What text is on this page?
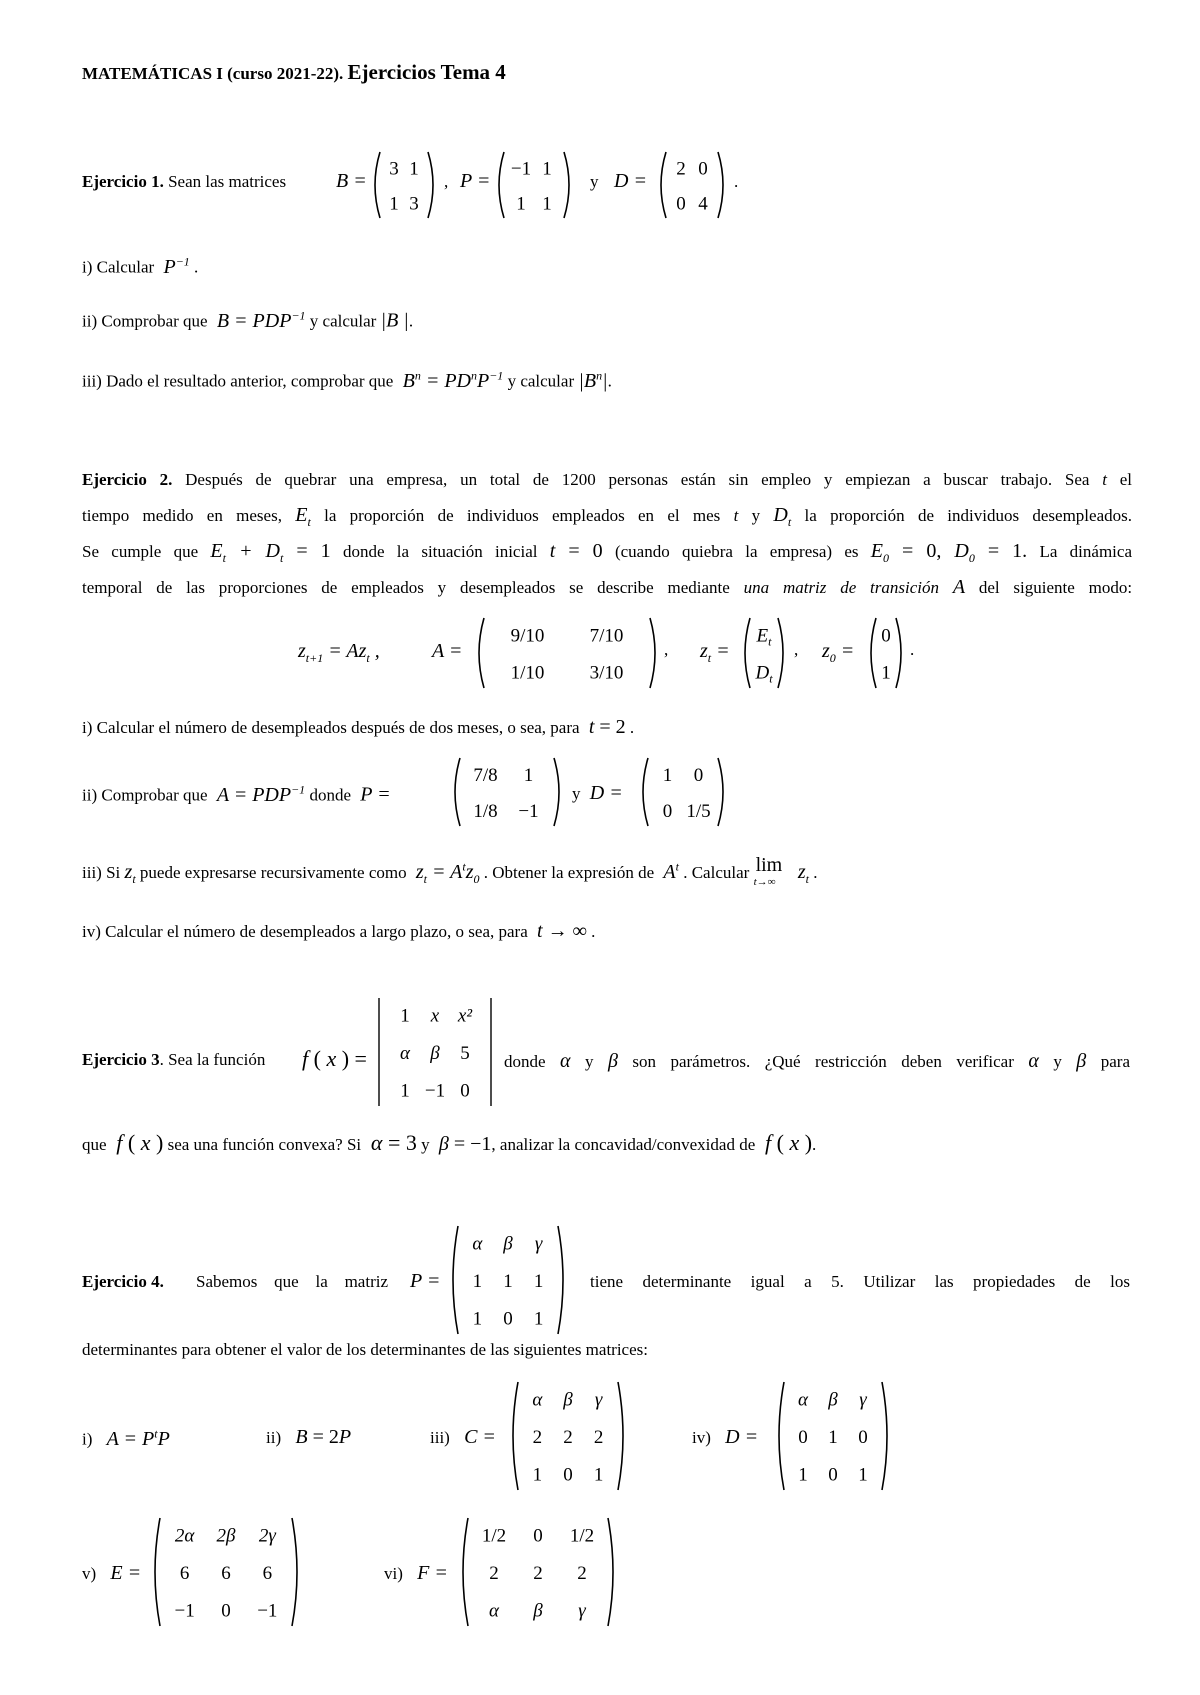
MATEMÁTICAS I (curso 2021-22). Ejercicios Tema 4
Ejercicio 1. Sean las matrices B =
3 1
1 3
, P =
−1 1
1 1
y D =
2 0
0 4
.
i) Calcular  $P^{-1}$ .
ii) Comprobar que  $B = PDP^{-1}$ y calcular |B |.
iii) Dado el resultado anterior, comprobar que  $B^n = PD^nP^{-1}$ y calcular $|B^n|$.
Ejercicio 2. Después de quebrar una empresa, un total de 1200 personas están sin empleo y empiezan a buscar trabajo. Sea t el
tiempo medido en meses, $E_t$ la proporción de individuos empleados en el mes t y $D_t$ la proporción de individuos desempleados.
Se cumple que $E_t + D_t = 1$ donde la situación inicial t = 0 (cuando quiebra la empresa) es $E_0 = 0$, $D_0 = 1$. La dinámica
temporal de las proporciones de empleados y desempleados se describe mediante una matriz de transición A del siguiente modo:
$z_{t+1} = Az_t$ ,	A =
9/10 7/10
1/10 3/10
, $z_t$ =
$E_t$
$D_t$
, $z_0$ =
0
1
.
i) Calcular el número de desempleados después de dos meses, o sea, para  t = 2 .
ii) Comprobar que  $A = PDP^{-1}$ donde  P =
7/8 1
1/8 −1
y  D =
1 0
0 1/5
iii) Si $z_t$ puede expresarse recursivamente como  $z_t = A^tz_0$ . Obtener la expresión de  $A^t$ . Calcular lim
t→∞ $z_t$ .
iv) Calcular el número de desempleados a largo plazo, o sea, para  t → ∞ .
Ejercicio 3. Sea la función f ( x ) =
1 x x²
α β 5
1 −1 0
donde α y β son parámetros. ¿Qué restricción deben verificar α y β para
que  f ( x ) sea una función convexa? Si  α = 3 y  β = −1, analizar la concavidad/convexidad de  f ( x ).
Ejercicio 4. Sabemos que la matriz P =
α β γ
1 1 1
1 0 1
tiene determinante igual a 5. Utilizar las propiedades de los
determinantes para obtener el valor de los determinantes de las siguientes matrices:
i)   $A = P^tP$	ii)   B = 2P	iii)   C =
α β γ
2 2 2
1 0 1
iv)   D =
α β γ
0 1 0
1 0 1
v)   E =
2α 2β 2γ
6 6 6
−1 0 −1
vi)   F =
1/2 0 1/2
2 2 2
α β γ
